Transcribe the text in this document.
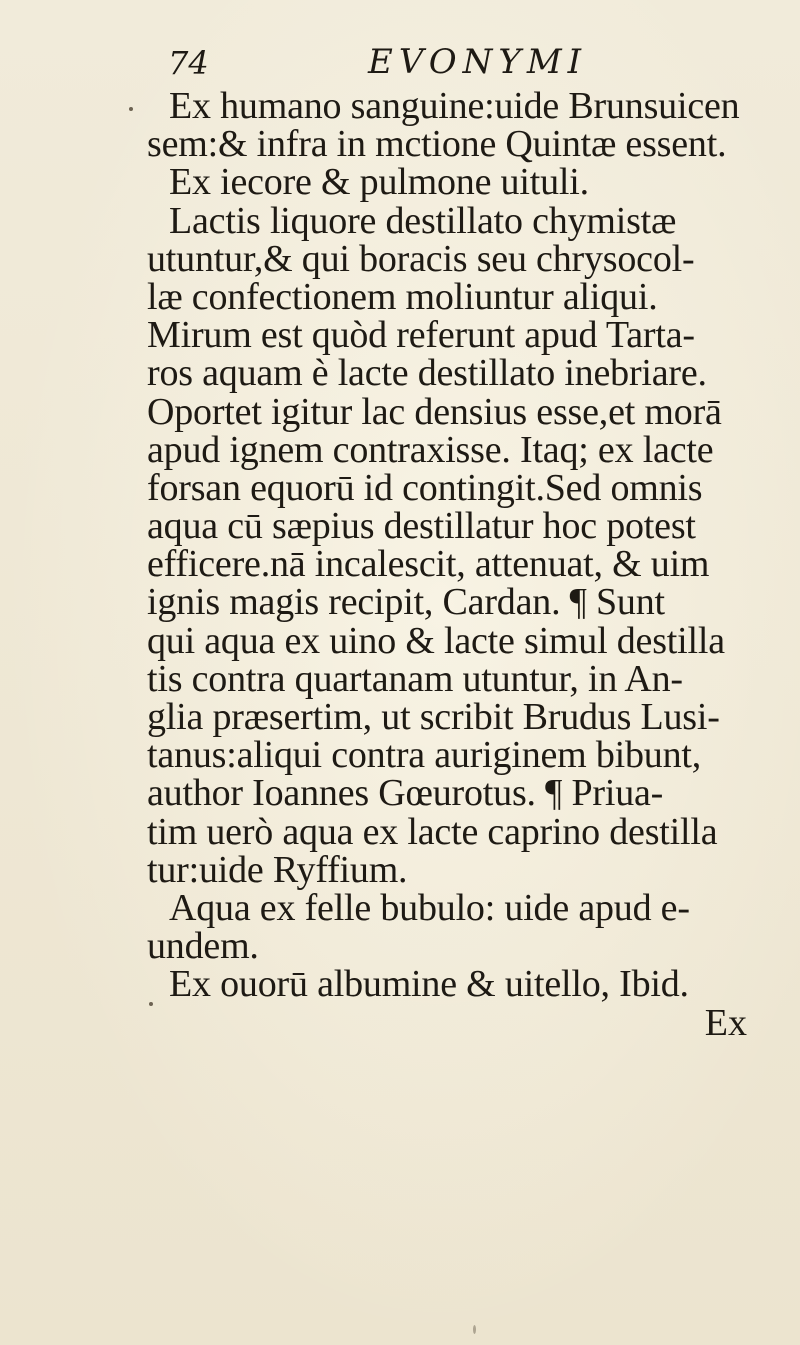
74	EVONYMI
Ex humano sanguine:uide Brunsuicen
sem:& infra in mctione Quintæ essent.
Ex iecore & pulmone uituli.
Lactis liquore destillato chymistæ
utuntur,& qui boracis seu chrysocol-
læ confectionem moliuntur aliqui.
Mirum est quòd referunt apud Tarta-
ros aquam è lacte destillato inebriare.
Oportet igitur lac densius esse,et morā
apud ignem contraxisse. Itaq; ex lacte
forsan equorū id contingit.Sed omnis
aqua cū sæpius destillatur hoc potest
efficere.nā incalescit, attenuat, & uim
ignis magis recipit, Cardan. ¶ Sunt
qui aqua ex uino & lacte simul destilla
tis contra quartanam utuntur, in An-
glia præsertim, ut scribit Brudus Lusi-
tanus:aliqui contra auriginem bibunt,
author Ioannes Gœurotus. ¶ Priua-
tim uerò aqua ex lacte caprino destilla
tur:uide Ryffium.
Aqua ex felle bubulo: uide apud e-
undem.
Ex ouorū albumine & uitello, Ibid.
Ex
